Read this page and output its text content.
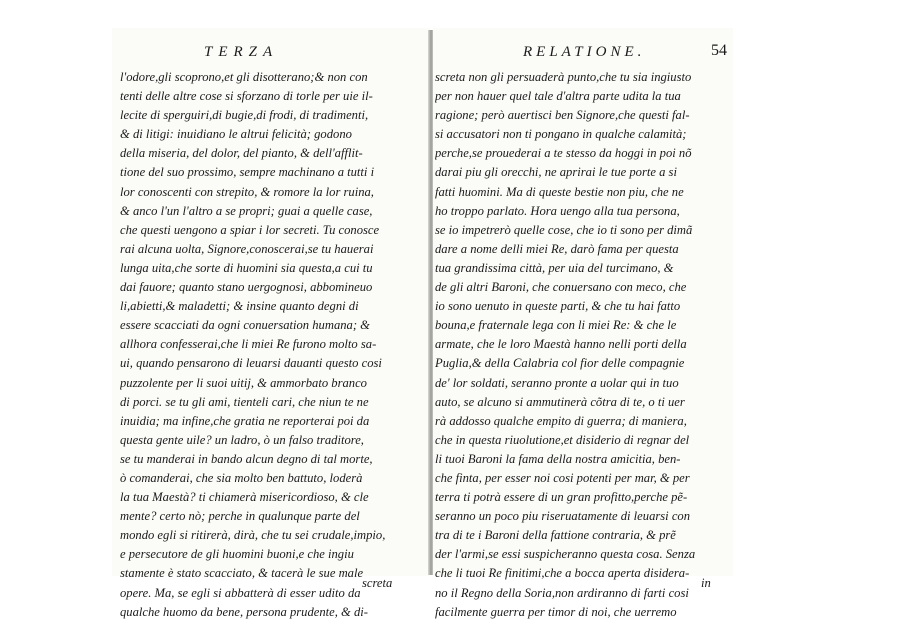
TERZA
l'odore,gli scoprono,et gli disotterano;& non con
tenti delle altre cose si sforzano di torle per uie il-
lecite di sperguiri,di bugie,di frodi, di tradimenti,
& di litigi: inuidiano le altrui felicità; godono
della miseria, del dolor, del pianto, & dell'afflit-
tione del suo prossimo, sempre machinano a tutti i
lor conoscenti con strepito, & romore la lor ruina,
& anco l'un l'altro a se propri; guai a quelle case,
che questi uengono a spiar i lor secreti. Tu conosce
rai alcuna uolta, Signore,conoscerai,se tu hauerai
lunga uita,che sorte di huomini sia questa,a cui tu
dai fauore; quanto stano uergognosi, abbomineuo
li,abietti,& maladetti; & insine quanto degni di
essere scacciati da ogni conuersation humana; &
allhora confesserai,che li miei Re furono molto sa-
ui, quando pensarono di leuarsi dauanti questo cosi
puzzolente per li suoi uitij, & ammorbato branco
di porci. se tu gli ami, tienteli cari, che niun te ne
inuidia; ma infine,che gratia ne reporterai poi da
questa gente uile? un ladro, ò un falso traditore,
se tu manderai in bando alcun degno di tal morte,
ò comanderai, che sia molto ben battuto, loderà
la tua Maestà? ti chiamerà misericordioso, & cle
mente? certo nò; perche in qualunque parte del
mondo egli si ritirerà, dirà, che tu sei crudale,impio,
e persecutore de gli huomini buoni,e che ingiu
stamente è stato scacciato, & tacerà le sue male
opere. Ma, se egli si abbatterà di esser udito da
qualche huomo da bene, persona prudente, & di-
screta
RELATIONE.	54
screta non gli persuaderà punto,che tu sia ingiusto
per non hauer quel tale d'altra parte udita la tua
ragione; però auertisci ben Signore,che questi fal-
si accusatori non ti pongano in qualche calamità;
perche,se prouederai a te stesso da hoggi in poi nõ
darai piu gli orecchi, ne aprirai le tue porte a si
fatti huomini. Ma di queste bestie non piu, che ne
ho troppo parlato. Hora uengo alla tua persona,
se io impetrerò quelle cose, che io ti sono per dimã
dare a nome delli miei Re, darò fama per questa
tua grandissima città, per uia del turcimano, &
de gli altri Baroni, che conuersano con meco, che
io sono uenuto in queste parti, & che tu hai fatto
bouna,e fraternale lega con li miei Re: & che le
armate, che le loro Maestà hanno nelli porti della
Puglia,& della Calabria col fior delle compagnie
de' lor soldati, seranno pronte a uolar qui in tuo
auto, se alcuno si ammutinerà cõtra di te, o ti uer
rà addosso qualche empito di guerra; di maniera,
che in questa riuolutione,et disiderio di regnar del
li tuoi Baroni la fama della nostra amicitia, ben-
che finta, per esser noi cosi potenti per mar, & per
terra ti potrà essere di un gran profitto,perche pẽ-
seranno un poco piu riseruatamente di leuarsi con
tra di te i Baroni della fattione contraria, & prẽ
der l'armi,se essi suspicheranno questa cosa. Senza
che li tuoi Re finitimi,che a bocca aperta disidera-
no il Regno della Soria,non ardiranno di farti cosi
facilmente guerra per timor di noi, che uerremo
in
